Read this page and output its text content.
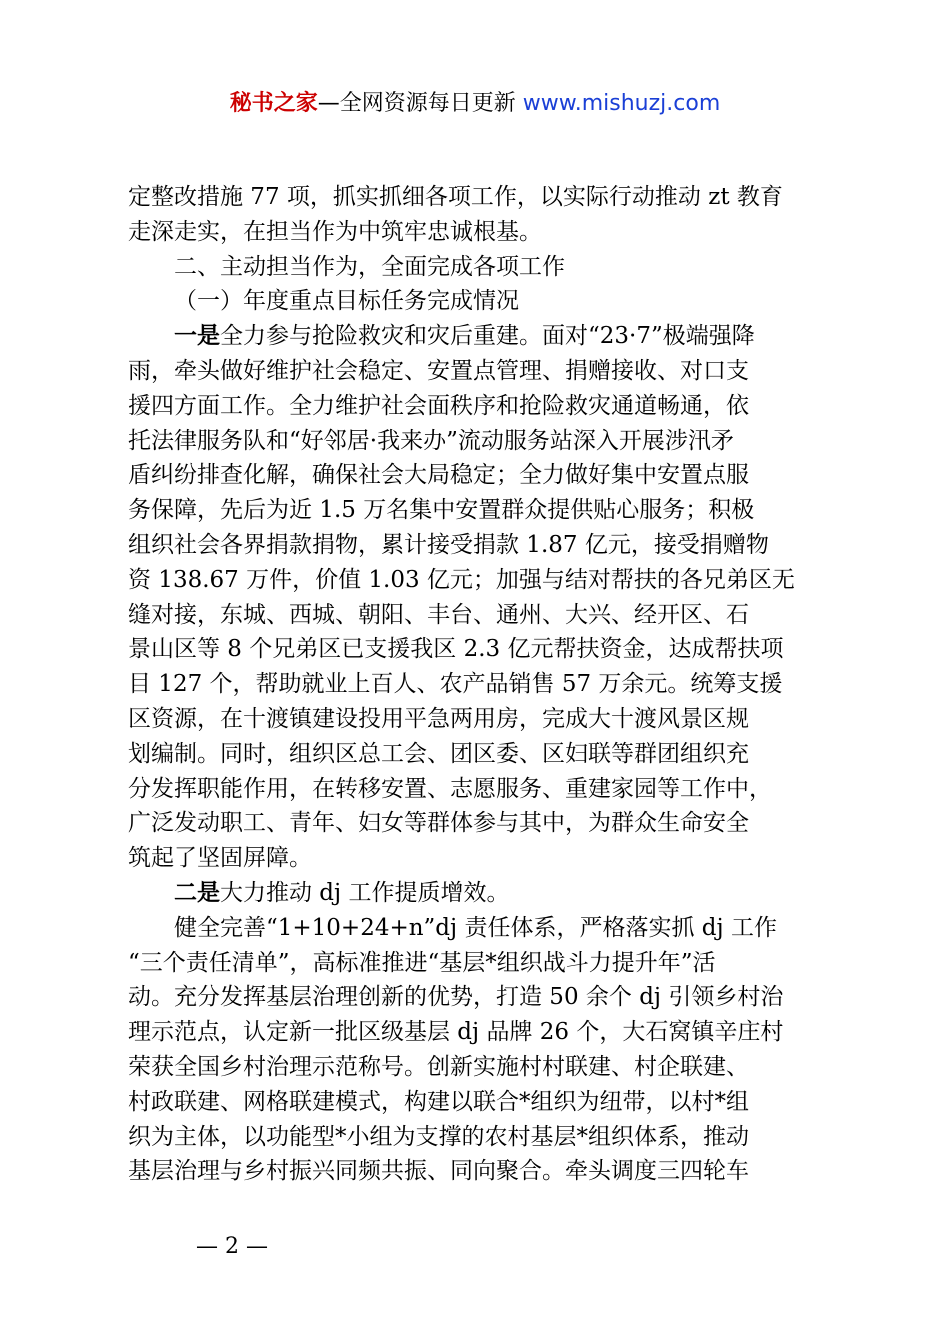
秘书之家—全网资源每日更新 www.mishuzj.com
定整改措施 77 项，抓实抓细各项工作，以实际行动推动 zt 教育
走深走实，在担当作为中筑牢忠诚根基。
二、主动担当作为，全面完成各项工作
（一）年度重点目标任务完成情况
一是全力参与抢险救灾和灾后重建。面对“23·7”极端强降
雨，牵头做好维护社会稳定、安置点管理、捐赠接收、对口支
援四方面工作。全力维护社会面秩序和抢险救灾通道畅通，依
托法律服务队和“好邻居·我来办”流动服务站深入开展涉汛矛
盾纠纷排查化解，确保社会大局稳定；全力做好集中安置点服
务保障，先后为近 1.5 万名集中安置群众提供贴心服务；积极
组织社会各界捐款捐物，累计接受捐款 1.87 亿元，接受捐赠物
资 138.67 万件，价值 1.03 亿元；加强与结对帮扶的各兄弟区无
缝对接，东城、西城、朝阳、丰台、通州、大兴、经开区、石
景山区等 8 个兄弟区已支援我区 2.3 亿元帮扶资金，达成帮扶项
目 127 个，帮助就业上百人、农产品销售 57 万余元。统筹支援
区资源，在十渡镇建设投用平急两用房，完成大十渡风景区规
划编制。同时，组织区总工会、团区委、区妇联等群团组织充
分发挥职能作用，在转移安置、志愿服务、重建家园等工作中，
广泛发动职工、青年、妇女等群体参与其中，为群众生命安全
筑起了坚固屏障。
二是大力推动 dj 工作提质增效。
健全完善“1+10+24+n”dj 责任体系，严格落实抓 dj 工作
“三个责任清单”，高标准推进“基层*组织战斗力提升年”活
动。充分发挥基层治理创新的优势，打造 50 余个 dj 引领乡村治
理示范点，认定新一批区级基层 dj 品牌 26 个，大石窝镇辛庄村
荣获全国乡村治理示范称号。创新实施村村联建、村企联建、
村政联建、网格联建模式，构建以联合*组织为纽带，以村*组
织为主体，以功能型*小组为支撑的农村基层*组织体系，推动
基层治理与乡村振兴同频共振、同向聚合。牵头调度三四轮车
— 2 —
